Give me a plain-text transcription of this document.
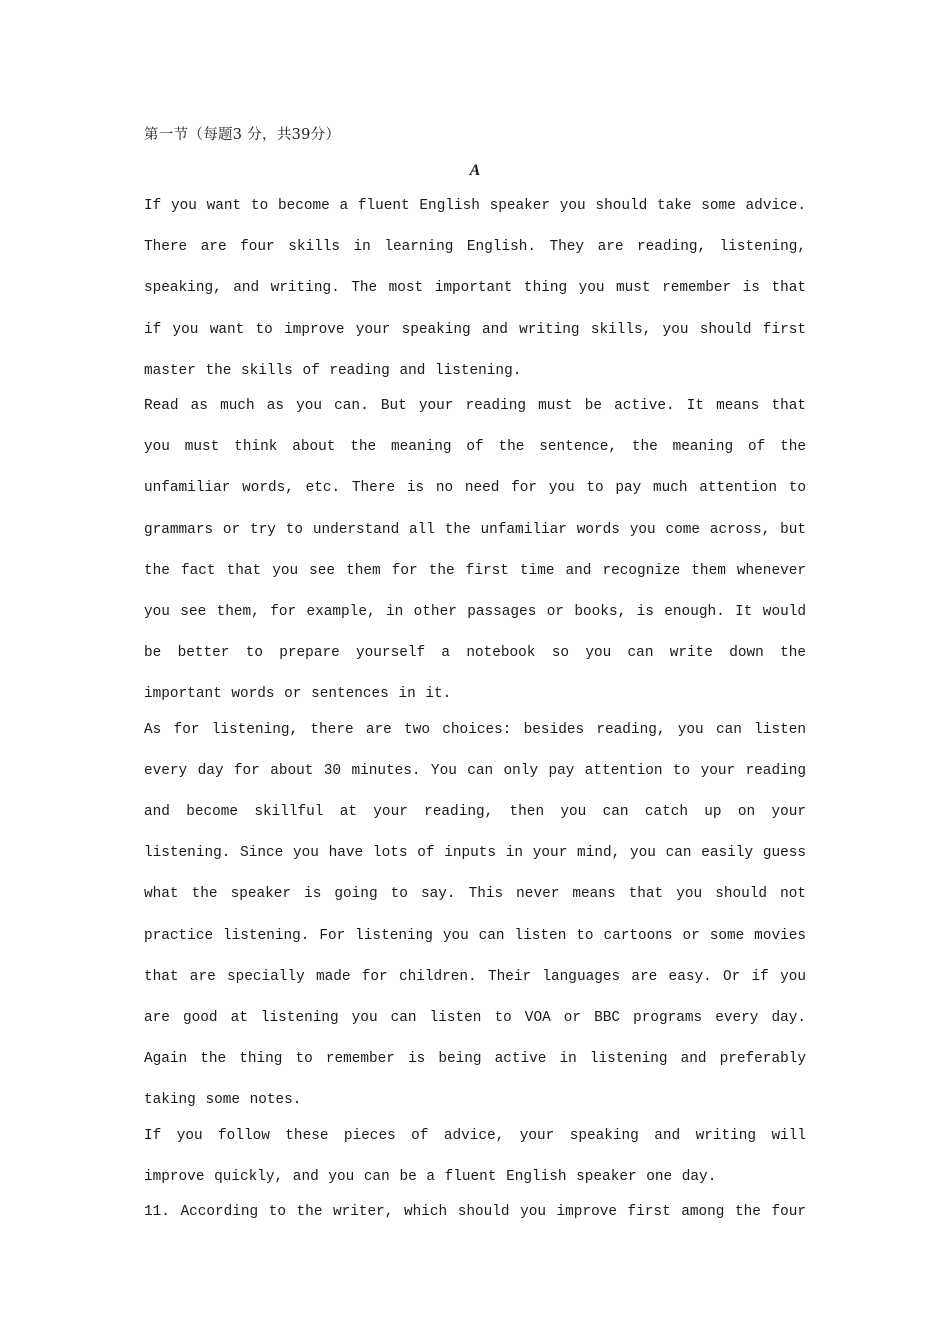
第一节（每题3 分，共39分）
A

If you want to become a fluent English speaker you should take some advice. There are four skills in learning English. They are reading, listening, speaking, and writing. The most important thing you must remember is that if you want to improve your speaking and writing skills, you should first master the skills of reading and listening.

Read as much as you can. But your reading must be active. It means that you must think about the meaning of the sentence, the meaning of the unfamiliar words, etc. There is no need for you to pay much attention to grammars or try to understand all the unfamiliar words you come across, but the fact that you see them for the first time and recognize them whenever you see them, for example, in other passages or books, is enough. It would be better to prepare yourself a notebook so you can write down the important words or sentences in it.

As for listening, there are two choices: besides reading, you can listen every day for about 30 minutes. You can only pay attention to your reading and become skillful at your reading, then you can catch up on your listening. Since you have lots of inputs in your mind, you can easily guess what the speaker is going to say. This never means that you should not practice listening. For listening you can listen to cartoons or some movies that are specially made for children. Their languages are easy. Or if you are good at listening you can listen to VOA or BBC programs every day. Again the thing to remember is being active in listening and preferably taking some notes.

If you follow these pieces of advice, your speaking and writing will improve quickly, and you can be a fluent English speaker one day.

11. According to the writer, which should you improve first among the four
